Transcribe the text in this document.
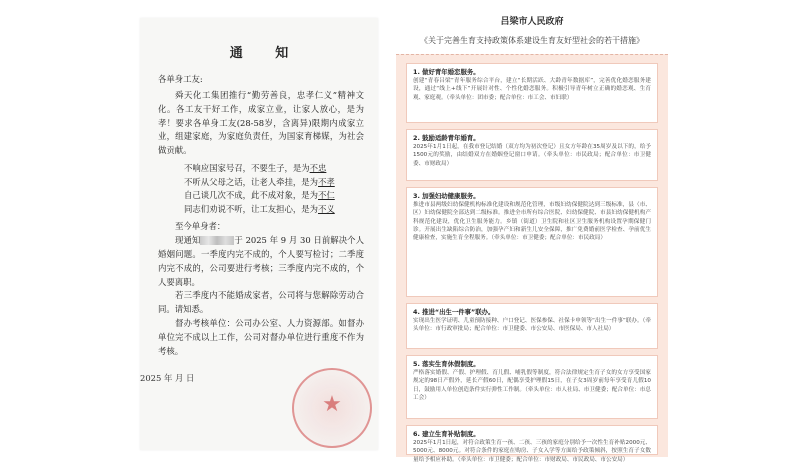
通 知
各单身工友:

舜天化工集团推行“勤劳善良，忠孝仁义”精神文化。各工友干好工作，成家立业，让家人放心，是为孝！要求各单身工友(28-58岁，含离异)限期内成家立业，组建家庭，为家庭负责任，为国家育梯媒，为社会做贡献。

不响应国家号召，不要生子，是为不忠
不听从父母之话，让老人牵挂，是为不孝
自己谈几次不成，此不成对象，是为不仁
同志们劝说不听，让工友担心，是为不义

至今单身者：

现通知	于 2025 年 9 月 30 日前解决个人婚姻问题。一季度内完不成的，个人要写检讨；二季度内完不成的，公司要进行考核；三季度内完不成的，个人要离职。

若三季度内不能婚成家者，公司将与您解除劳动合同。请知悉。

督办考核单位：公司办公室、人力资源部。如督办单位完不成以上工作，公司对督办单位进行重度不作为考核。

★
2025 年 月 日
吕梁市人民政府
《关于完善生育支持政策体系建设生育友好型社会的若干措施》
1. 做好青年婚恋服务。
创建“青春吕梁”青年服务综合平台，建立“长期活跃、大龄青年数据库”，完善优化婚恋服务建设，通过“线上+线下”开展针对性、个性化婚恋服务。积极引导青年树立正确的婚恋观、生育观、家庭观。（牵头单位：团市委；配合单位：市工会、市妇联）
2. 鼓励适龄青年婚育。
2025年1月1日起，在我市登记结婚（双方均为初次登记）且女方年龄在35周岁及以下的，给予1500元的奖励，由结婚双方在婚姻登记窗口申请。（牵头单位：市民政局；配合单位：市卫健委、市财政局）
3. 加强妇幼健康服务。
推进市县两级妇幼保健机构标准化建设和规范化管理，市级妇幼保健院达到三级标准，县（市、区）妇幼保健院全部达到二级标准。推进全市所有综合医院、妇幼保健院、市县妇幼保健机构产科规范化建设，优化卫生服务能力。乡镇（街道）卫生院和社区卫生服务机构设置孕期保健门诊。开展出生缺陷综合防治，加强孕产妇和新生儿安全保障，推广免费婚前医学检查、孕前优生健康检查，实施生育全程服务。（牵头单位：市卫健委；配合单位：市民政局）
4. 推进“出生一件事”联办。
实现出生医学证明、儿童预防接种、户口登记、医保参保、社保卡申领等“出生一件事”联办。（牵头单位：市行政审批局；配合单位：市卫健委、市公安局、市医保局、市人社局）
5. 落实生育休假制度。
严格落实婚假、产假、护理假、育儿假、哺乳假等制度，符合法律规定生育子女的女方享受国家规定的98日产假外，延长产假60日，配偶享受护理假15日，在子女3周岁前每年享受育儿假10日，鼓励用人单位创造条件实行弹性工作制。（牵头单位：市人社局、市卫健委；配合单位：市总工会）
6. 建立生育补贴制度。
2025年1月1日起，对符合政策生育一孩、二孩、三孩的家庭分别给予一次性生育补贴2000元、5000元、8000元。对符合条件的家庭在购房、子女入学等方面给予政策倾斜，按照生育子女数量给予相应补助。（牵头单位：市卫健委；配合单位：市财政局、市民政局、市公安局）
